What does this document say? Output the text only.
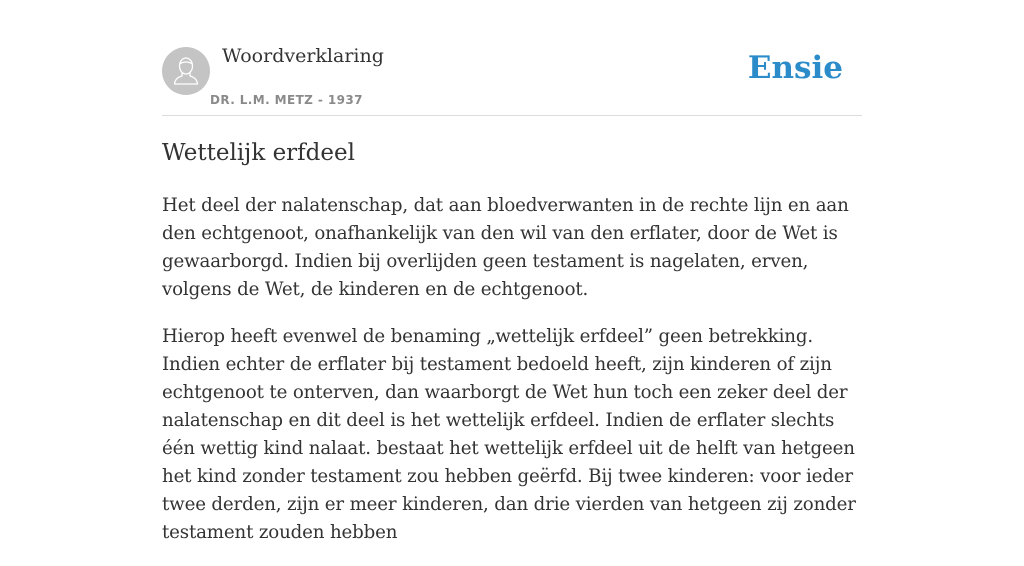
Woordverklaring
DR. L.M. METZ - 1937
Ensie
Wettelijk erfdeel

Het deel der nalatenschap, dat aan bloedverwanten in de rechte lijn en aan den echtgenoot, onafhankelijk van den wil van den erflater, door de Wet is gewaarborgd. Indien bij overlijden geen testament is nagelaten, erven, volgens de Wet, de kinderen en de echtgenoot.

Hierop heeft evenwel de benaming „wettelijk erfdeel” geen betrekking. Indien echter de erflater bij testament bedoeld heeft, zijn kinderen of zijn echtgenoot te onterven, dan waarborgt de Wet hun toch een zeker deel der nalatenschap en dit deel is het wettelijk erfdeel. Indien de erflater slechts één wettig kind nalaat. bestaat het wettelijk erfdeel uit de helft van hetgeen het kind zonder testament zou hebben geërfd. Bij twee kinderen: voor ieder twee derden, zijn er meer kinderen, dan drie vierden van hetgeen zij zonder testament zouden hebben
